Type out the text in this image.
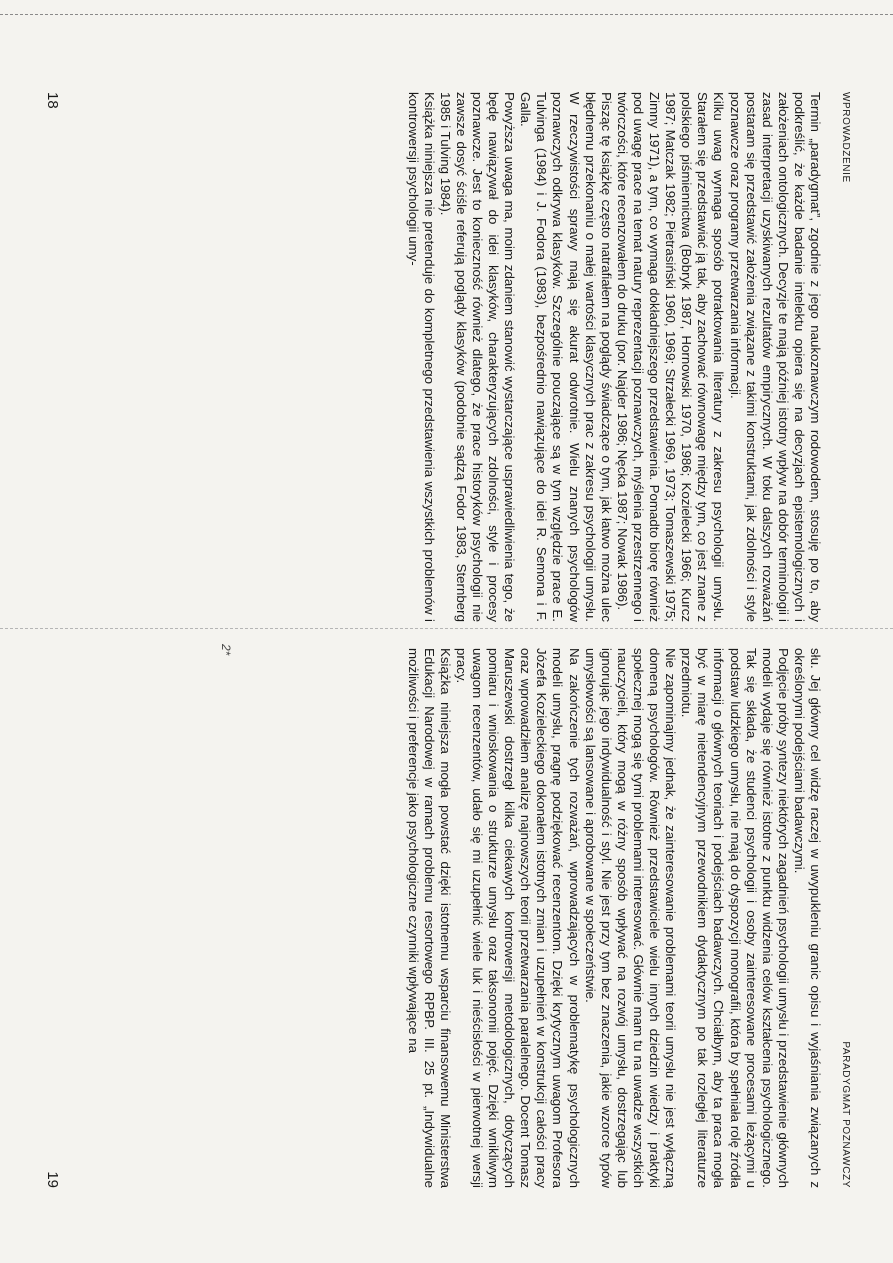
WPROWADZENIE

Termin „paradygmat”, zgodnie z jego naukoznawczym rodowodem, stosuję po to, aby podkreślić, że każde badanie intelektu opiera się na decyzjach epistemologicznych i założeniach ontologicznych. Decyzje te mają później istotny wpływ na dobór terminologii i zasad interpretacji uzyskiwanych rezultatów empirycznych. W toku dalszych rozważań postaram się przedstawić założenia związane z takimi konstruktami, jak zdolności i style poznawcze oraz programy przetwarzania informacji.

Kilku uwag wymaga sposób potraktowania literatury z zakresu psychologii umysłu. Starałem się przedstawiać ją tak, aby zachować równowagę między tym, co jest znane z polskiego piśmiennictwa (Bobryk 1987, Hornowski 1970, 1986; Kozielecki 1966; Kurcz 1987; Matczak 1982; Pietrasiński 1960, 1969; Strzałecki 1969, 1973; Tomaszewski 1975; Zimny 1971), a tym, co wymaga dokładniejszego przedstawienia. Pomadto biorę również pod uwagę prace na temat natury reprezentacji poznawczych, myślenia przestrzennego i twórczości, które recenzowałem do druku (por. Najder 1986; Nęcka 1987; Nowak 1986).

Pisząc tę książkę często natrafiałem na poglądy świadczące o tym, jak łatwo można ulec błędnemu przekonaniu o małej wartości klasycznych prac z zakresu psychologii umysłu. W rzeczywistości sprawy mają się akurat odwrotnie. Wielu znanych psychologów poznawczych odkrywa klasyków. Szczególnie pouczające są w tym względzie prace E. Tulvinga (1984) i J. Fodora (1983), bezpośrednio nawiązujące do idei R. Semona i F. Galla.

Powyższa uwaga ma, moim zdaniem stanowić wystarczające usprawiedliwienia tego, że będę nawiązywał do idei klasyków, charakteryzujących zdolności, style i procesy poznawcze. Jest to konieczność również dlatego, że prace historyków psychologii nie zawsze dosyć ściśle referują poglądy klasyków (podobnie sądzą Fodor 1983, Sternberg 1985 i Tulving 1984).

Książka niniejsza nie pretenduje do kompletnego przedstawienia wszystkich problemów i kontrowersji psychologii umy-

18
PARADYGMAT POZNAWCZY

słu. Jej główny cel widzę raczej w uwypukleniu granic opisu i wyjaśniania związanych z określonymi podejściami badawczymi.

Podjęcie próby syntezy niektórych zagadnień psychologii umysłu i przedstawienie głównych modeli wydaje się również istotne z punktu widzenia celów kształcenia psychologicznego. Tak się składa, że studenci psychologii i osoby zainteresowane procesami leżącymi u podstaw ludzkiego umysłu, nie mają do dyspozycji monografii, która by spełniała rolę źródła informacji o głównych teoriach i podejściach badawczych. Chciałbym, aby ta praca mogła być w miarę nietendencyjnym przewodnikiem dydaktycznym po tak rozległej literaturze przedmiotu.

Nie zapominajmy jednak, że zainteresowanie problemami teorii umysłu nie jest wyłączną domeną psychologów. Również przedstawiciele wielu innych dziedzin wiedzy i praktyki społecznej mogą się tymi problemami interesować. Głównie mam tu na uwadze wszystkich nauczycieli, który mogą w różny sposób wpływać na rozwój umysłu, dostrzegając lub ignorując jego indywidualność i styl. Nie jest przy tym bez znaczenia, jakie wzorce typów umysłowości są lansowane i aprobowane w społeczeństwie.

Na zakończenie tych rozważań, wprowadzających w problematykę psychologicznych modeli umysłu, pragnę podziękować recenzentom. Dzięki krytycznym uwagom Profesora Józefa Kozieleckiego dokonałem istotnych zmian i uzupełnień w konstrukcji całości pracy oraz wprowadziłem analizę najnowszych teorii przetwarzania paralelnego. Docent Tomasz Maruszewski dostrzegł kilka ciekawych kontrowersji metodologicznych, dotyczących pomiaru i wnioskowania o strukturze umysłu oraz taksonomii pojęć. Dzięki wnikliwym uwagom recenzentów, udało się mi uzupełnić wiele luk i nieścisłości w pierwotnej wersji pracy.

Książka niniejsza mogła powstać dzięki istotnemu wsparciu finansowemu Ministerstwa Edukacji Narodowej w ramach problemu resortowego RPBP. III. 25 pt. „Indywidualne możliwości i preferencje jako psychologiczne czynniki wpływające na

19
2*
